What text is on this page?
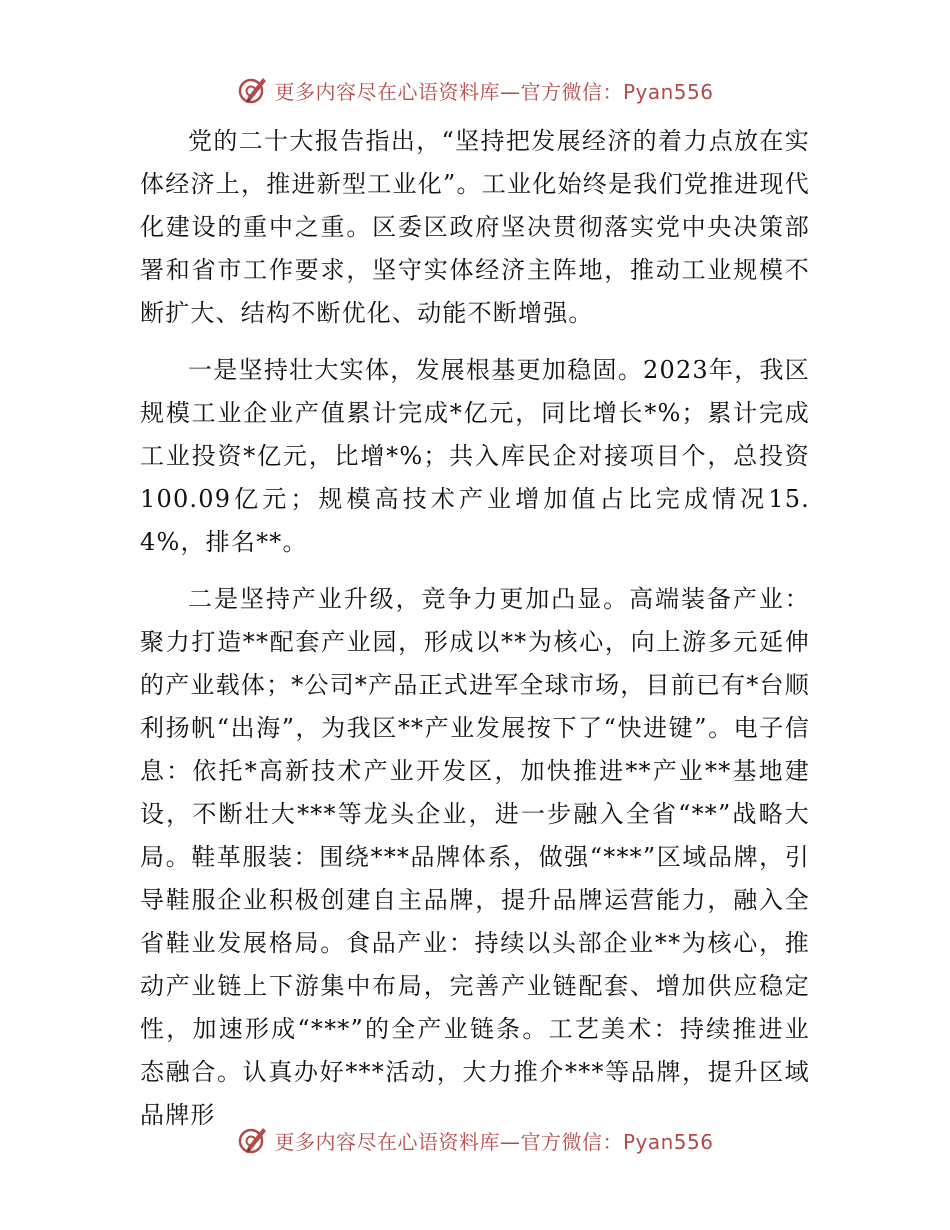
更多内容尽在心语资料库—官方微信：Pyan556

党的二十大报告指出，“坚持把发展经济的着力点放在实体经济上，推进新型工业化”。工业化始终是我们党推进现代化建设的重中之重。区委区政府坚决贯彻落实党中央决策部署和省市工作要求，坚守实体经济主阵地，推动工业规模不断扩大、结构不断优化、动能不断增强。

一是坚持壮大实体，发展根基更加稳固。2023年，我区规模工业企业产值累计完成*亿元，同比增长*%；累计完成工业投资*亿元，比增*%；共入库民企对接项目个，总投资100.09亿元；规模高技术产业增加值占比完成情况15.4%，排名**。

二是坚持产业升级，竞争力更加凸显。高端装备产业：聚力打造**配套产业园，形成以**为核心，向上游多元延伸的产业载体；*公司*产品正式进军全球市场，目前已有*台顺利扬帆“出海”，为我区**产业发展按下了“快进键”。电子信息：依托*高新技术产业开发区，加快推进**产业**基地建设，不断壮大***等龙头企业，进一步融入全省“**”战略大局。鞋革服装：围绕***品牌体系，做强“***”区域品牌，引导鞋服企业积极创建自主品牌，提升品牌运营能力，融入全省鞋业发展格局。食品产业：持续以头部企业**为核心，推动产业链上下游集中布局，完善产业链配套、增加供应稳定性，加速形成“***”的全产业链条。工艺美术：持续推进业态融合。认真办好***活动，大力推介***等品牌，提升区域品牌形

更多内容尽在心语资料库—官方微信：Pyan556
